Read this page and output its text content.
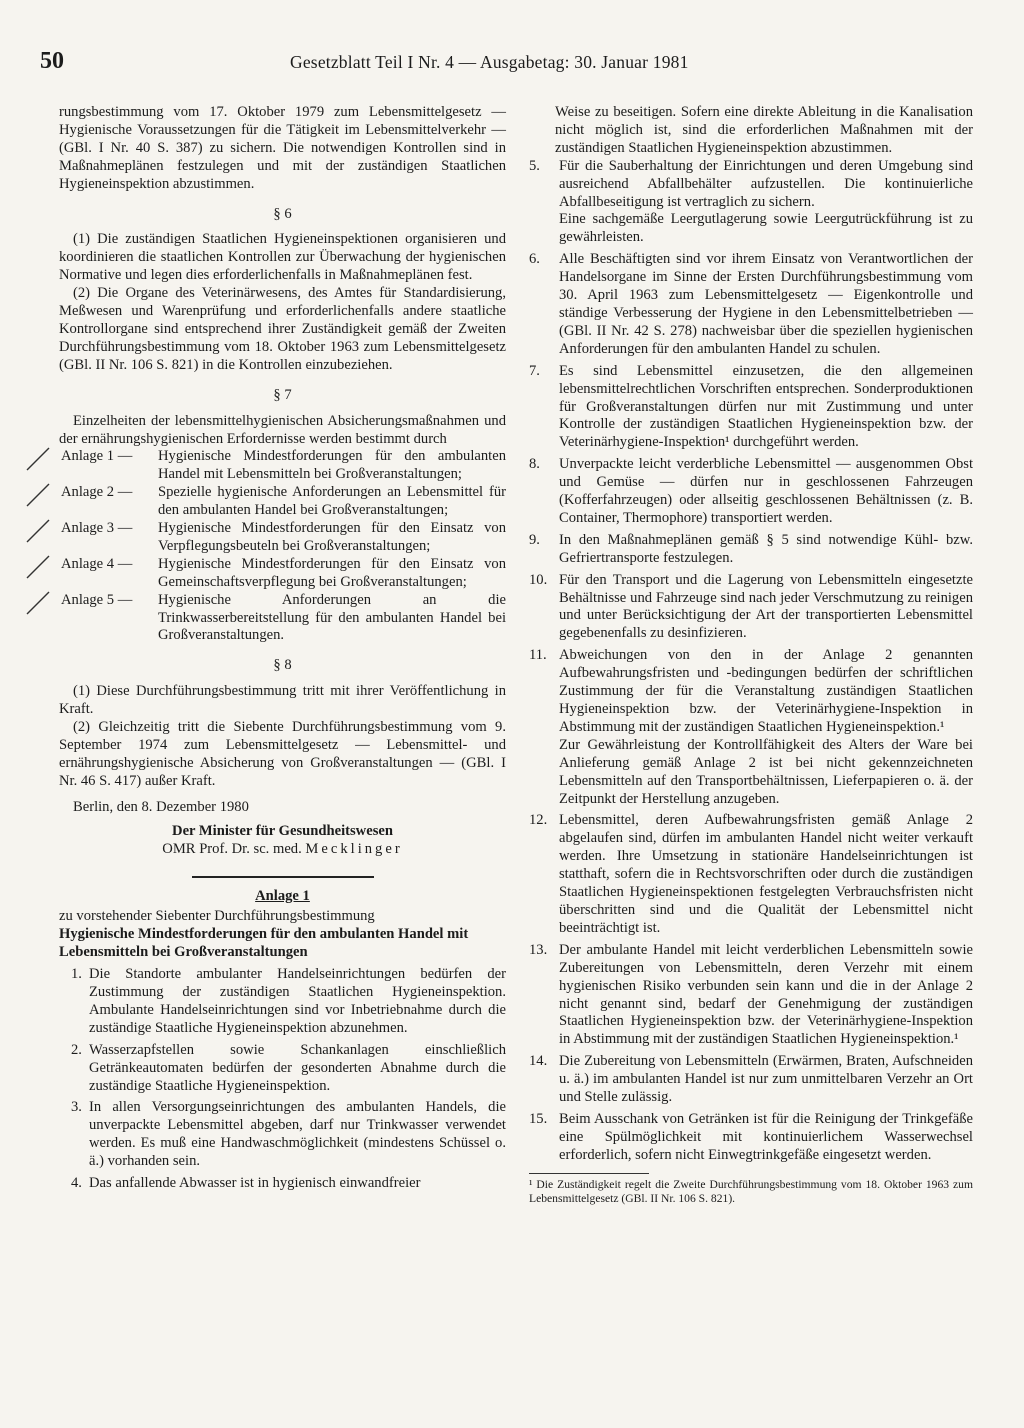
50	Gesetzblatt Teil I Nr. 4 — Ausgabetag: 30. Januar 1981

rungsbestimmung vom 17. Oktober 1979 zum Lebensmittelgesetz — Hygienische Voraussetzungen für die Tätigkeit im Lebensmittelverkehr — (GBl. I Nr. 40 S. 387) zu sichern. Die notwendigen Kontrollen sind in Maßnahmeplänen festzulegen und mit der zuständigen Staatlichen Hygieneinspektion abzustimmen.

§ 6

(1) Die zuständigen Staatlichen Hygieneinspektionen organisieren und koordinieren die staatlichen Kontrollen zur Überwachung der hygienischen Normative und legen dies erforderlichenfalls in Maßnahmeplänen fest.

(2) Die Organe des Veterinärwesens, des Amtes für Standardisierung, Meßwesen und Warenprüfung und erforderlichenfalls andere staatliche Kontrollorgane sind entsprechend ihrer Zuständigkeit gemäß der Zweiten Durchführungsbestimmung vom 18. Oktober 1963 zum Lebensmittelgesetz (GBl. II Nr. 106 S. 821) in die Kontrollen einzubeziehen.

§ 7

Einzelheiten der lebensmittelhygienischen Absicherungsmaßnahmen und der ernährungshygienischen Erfordernisse werden bestimmt durch

Anlage 1 —	Hygienische Mindestforderungen für den ambulanten Handel mit Lebensmitteln bei Großveranstaltungen;
Anlage 2 —	Spezielle hygienische Anforderungen an Lebensmittel für den ambulanten Handel bei Großveranstaltungen;
Anlage 3 —	Hygienische Mindestforderungen für den Einsatz von Verpflegungsbeuteln bei Großveranstaltungen;
Anlage 4 —	Hygienische Mindestforderungen für den Einsatz von Gemeinschaftsverpflegung bei Großveranstaltungen;
Anlage 5 —	Hygienische Anforderungen an die Trinkwasserbereitstellung für den ambulanten Handel bei Großveranstaltungen.
§ 8

(1) Diese Durchführungsbestimmung tritt mit ihrer Veröffentlichung in Kraft.

(2) Gleichzeitig tritt die Siebente Durchführungsbestimmung vom 9. September 1974 zum Lebensmittelgesetz — Lebensmittel- und ernährungshygienische Absicherung von Großveranstaltungen — (GBl. I Nr. 46 S. 417) außer Kraft.

Berlin, den 8. Dezember 1980

Der Minister für Gesundheitswesen
OMR Prof. Dr. sc. med. Mecklinger
Anlage 1

zu vorstehender Siebenter Durchführungsbestimmung

Hygienische Mindestforderungen für den ambulanten Handel mit Lebensmitteln bei Großveranstaltungen

1. Die Standorte ambulanter Handelseinrichtungen bedürfen der Zustimmung der zuständigen Staatlichen Hygieneinspektion. Ambulante Handelseinrichtungen sind vor Inbetriebnahme durch die zuständige Staatliche Hygieneinspektion abzunehmen.
2. Wasserzapfstellen sowie Schankanlagen einschließlich Getränkeautomaten bedürfen der gesonderten Abnahme durch die zuständige Staatliche Hygieneinspektion.
3. In allen Versorgungseinrichtungen des ambulanten Handels, die unverpackte Lebensmittel abgeben, darf nur Trinkwasser verwendet werden. Es muß eine Handwaschmöglichkeit (mindestens Schüssel o. ä.) vorhanden sein.
4. Das anfallende Abwasser ist in hygienisch einwandfreier

Weise zu beseitigen. Sofern eine direkte Ableitung in die Kanalisation nicht möglich ist, sind die erforderlichen Maßnahmen mit der zuständigen Staatlichen Hygieneinspektion abzustimmen.

5.	Für die Sauberhaltung der Einrichtungen und deren Umgebung sind ausreichend Abfallbehälter aufzustellen. Die kontinuierliche Abfallbeseitigung ist vertraglich zu sichern.
Eine sachgemäße Leergutlagerung sowie Leergutrückführung ist zu gewährleisten.
6.	Alle Beschäftigten sind vor ihrem Einsatz von Verantwortlichen der Handelsorgane im Sinne der Ersten Durchführungsbestimmung vom 30. April 1963 zum Lebensmittelgesetz — Eigenkontrolle und ständige Verbesserung der Hygiene in den Lebensmittelbetrieben — (GBl. II Nr. 42 S. 278) nachweisbar über die speziellen hygienischen Anforderungen für den ambulanten Handel zu schulen.
7.	Es sind Lebensmittel einzusetzen, die den allgemeinen lebensmittelrechtlichen Vorschriften entsprechen. Sonderproduktionen für Großveranstaltungen dürfen nur mit Zustimmung und unter Kontrolle der zuständigen Staatlichen Hygieneinspektion bzw. der Veterinärhygiene-Inspektion¹ durchgeführt werden.
8.	Unverpackte leicht verderbliche Lebensmittel — ausgenommen Obst und Gemüse — dürfen nur in geschlossenen Fahrzeugen (Kofferfahrzeugen) oder allseitig geschlossenen Behältnissen (z. B. Container, Thermophore) transportiert werden.
9.	In den Maßnahmeplänen gemäß § 5 sind notwendige Kühl- bzw. Gefriertransporte festzulegen.
10. Für den Transport und die Lagerung von Lebensmitteln eingesetzte Behältnisse und Fahrzeuge sind nach jeder Verschmutzung zu reinigen und unter Berücksichtigung der Art der transportierten Lebensmittel gegebenenfalls zu desinfizieren.
11. Abweichungen von den in der Anlage 2 genannten Aufbewahrungsfristen und -bedingungen bedürfen der schriftlichen Zustimmung der für die Veranstaltung zuständigen Staatlichen Hygieneinspektion bzw. der Veterinärhygiene-Inspektion in Abstimmung mit der zuständigen Staatlichen Hygieneinspektion.¹
Zur Gewährleistung der Kontrollfähigkeit des Alters der Ware bei Anlieferung gemäß Anlage 2 ist bei nicht gekennzeichneten Lebensmitteln auf den Transportbehältnissen, Lieferpapieren o. ä. der Zeitpunkt der Herstellung anzugeben.
12. Lebensmittel, deren Aufbewahrungsfristen gemäß Anlage 2 abgelaufen sind, dürfen im ambulanten Handel nicht weiter verkauft werden. Ihre Umsetzung in stationäre Handelseinrichtungen ist statthaft, sofern die in Rechtsvorschriften oder durch die zuständigen Staatlichen Hygieneinspektionen festgelegten Verbrauchsfristen nicht überschritten sind und die Qualität der Lebensmittel nicht beeinträchtigt ist.
13. Der ambulante Handel mit leicht verderblichen Lebensmitteln sowie Zubereitungen von Lebensmitteln, deren Verzehr mit einem hygienischen Risiko verbunden sein kann und die in der Anlage 2 nicht genannt sind, bedarf der Genehmigung der zuständigen Staatlichen Hygieneinspektion bzw. der Veterinärhygiene-Inspektion in Abstimmung mit der zuständigen Staatlichen Hygieneinspektion.¹
14. Die Zubereitung von Lebensmitteln (Erwärmen, Braten, Aufschneiden u. ä.) im ambulanten Handel ist nur zum unmittelbaren Verzehr an Ort und Stelle zulässig.
15. Beim Ausschank von Getränken ist für die Reinigung der Trinkgefäße eine Spülmöglichkeit mit kontinuierlichem Wasserwechsel erforderlich, sofern nicht Einwegtrinkgefäße eingesetzt werden.

¹ Die Zuständigkeit regelt die Zweite Durchführungsbestimmung vom 18. Oktober 1963 zum Lebensmittelgesetz (GBl. II Nr. 106 S. 821).
